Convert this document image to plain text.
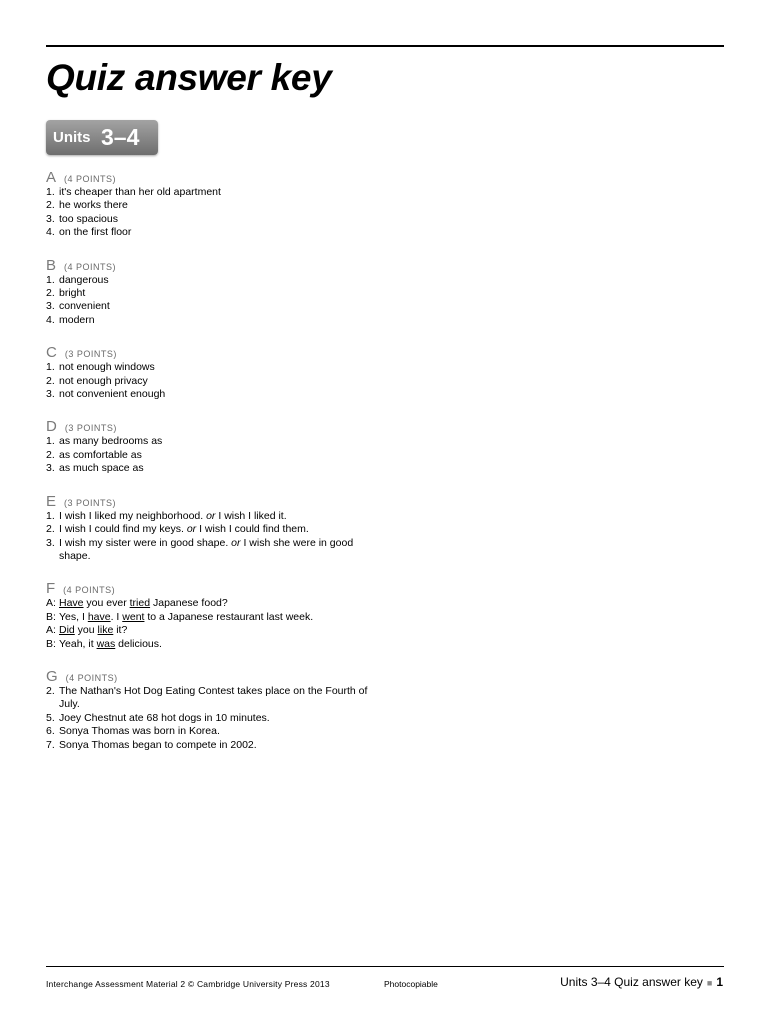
Quiz answer key
Units 3–4
A (4 POINTS)
1. it's cheaper than her old apartment
2. he works there
3. too spacious
4. on the first floor
B (4 POINTS)
1. dangerous
2. bright
3. convenient
4. modern
C (3 POINTS)
1. not enough windows
2. not enough privacy
3. not convenient enough
D (3 POINTS)
1. as many bedrooms as
2. as comfortable as
3. as much space as
E (3 POINTS)
1. I wish I liked my neighborhood. or I wish I liked it.
2. I wish I could find my keys. or I wish I could find them.
3. I wish my sister were in good shape. or I wish she were in good shape.
F (4 POINTS)
A: Have you ever tried Japanese food?
B: Yes, I have. I went to a Japanese restaurant last week.
A: Did you like it?
B: Yeah, it was delicious.
G (4 POINTS)
2. The Nathan's Hot Dog Eating Contest takes place on the Fourth of July.
5. Joey Chestnut ate 68 hot dogs in 10 minutes.
6. Sonya Thomas was born in Korea.
7. Sonya Thomas began to compete in 2002.
Interchange Assessment Material 2 © Cambridge University Press 2013	Photocopiable	Units 3–4 Quiz answer key ■ 1
